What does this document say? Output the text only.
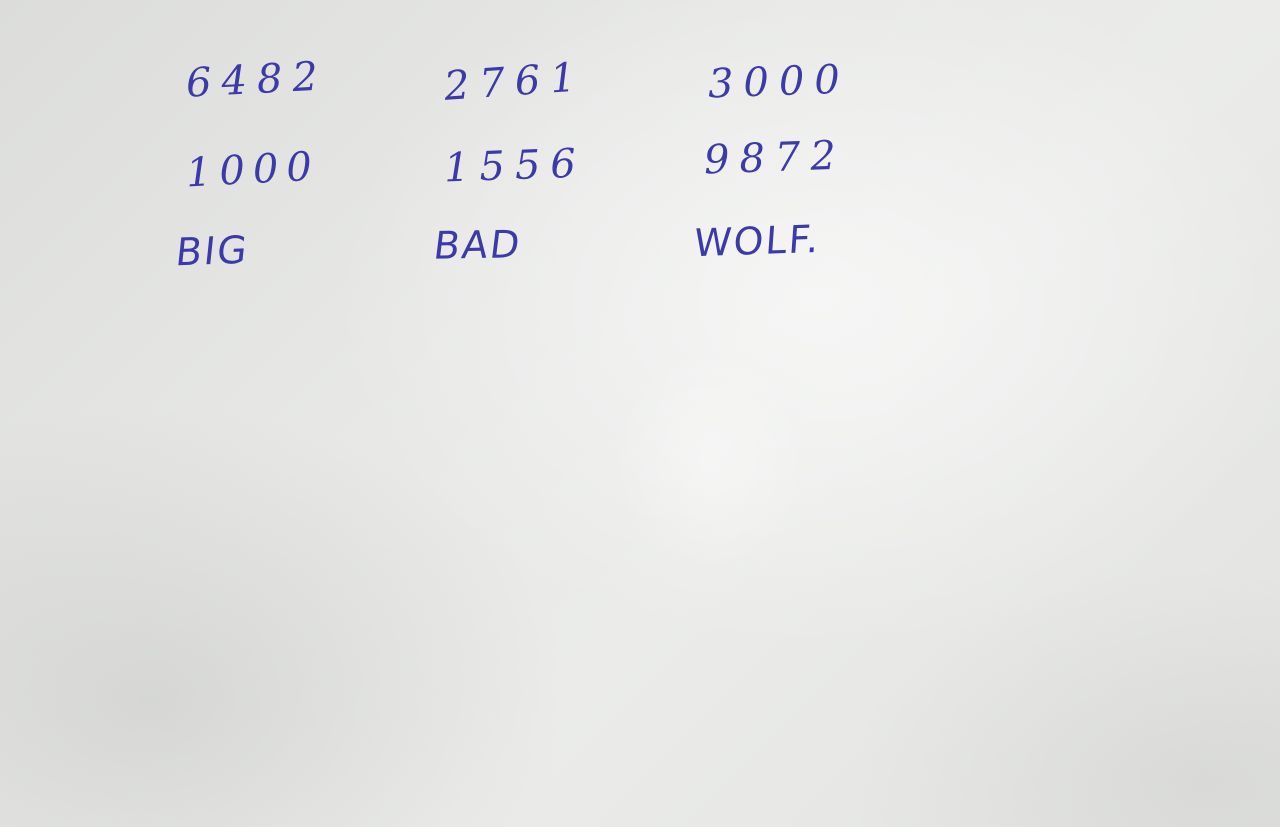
6482	2761	3000
1000	1556	9872
BIG	BAD	WOLF.
